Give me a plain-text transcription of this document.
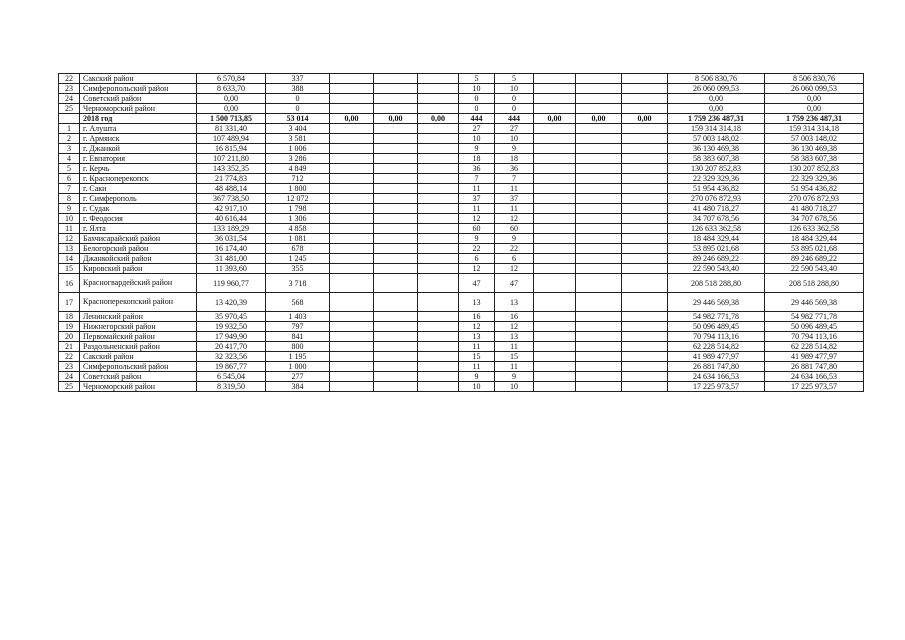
22	Сакский район	6 570,84	337				5	5				8 506 830,76	8 506 830,76
23	Симферопольский район	8 633,70	388				10	10				26 060 099,53	26 060 099,53
24	Советский район	0,00	0				0	0				0,00	0,00
25	Черноморский район	0,00	0				0	0				0,00	0,00
	2018 год	1 500 713,85	53 014	0,00	0,00	0,00	444	444	0,00	0,00	0,00	1 759 236 487,31	1 759 236 487,31
1	г. Алушта	81 331,40	3 404				27	27				159 314 314,18	159 314 314,18
2	г. Армянск	107 489,94	3 581				10	10				57 003 148,02	57 003 148,02
3	г. Джанкой	16 815,94	1 006				9	9				36 130 469,38	36 130 469,38
4	г. Евпатория	107 211,80	3 286				18	18				58 383 607,38	58 383 607,38
5	г. Керчь	143 352,35	4 849				36	36				130 207 852,83	130 207 852,83
6	г. Красноперекопск	21 774,83	712				7	7				22 329 329,36	22 329 329,36
7	г. Саки	48 488,14	1 800				11	11				51 954 436,82	51 954 436,82
8	г. Симферополь	367 738,50	12 072				37	37				270 076 872,93	270 076 872,93
9	г. Судак	42 917,10	1 798				11	11				41 480 718,27	41 480 718,27
10	г. Феодосия	40 616,44	1 306				12	12				34 707 678,56	34 707 678,56
11	г. Ялта	133 189,29	4 858				60	60				126 633 362,58	126 633 362,58
12	Бахчисарайский район	36 031,54	1 081				9	9				18 484 329,44	18 484 329,44
13	Белогорский район	16 174,40	678				22	22				53 895 021,68	53 895 021,68
14	Джанкойский район	31 481,00	1 245				6	6				89 246 689,22	89 246 689,22
15	Кировский район	11 393,60	355				12	12				22 590 543,40	22 590 543,40
16	Красногвардейский район	119 960,77	3 718				47	47				208 518 288,80	208 518 288,80
17	Красноперекопский район	13 420,39	568				13	13				29 446 569,38	29 446 569,38
18	Ленинский район	35 970,45	1 403				16	16				54 982 771,78	54 982 771,78
19	Нижнегорский район	19 932,50	797				12	12				50 096 489,45	50 096 489,45
20	Первомайский район	17 949,90	841				13	13				70 794 113,16	70 794 113,16
21	Раздольненский район	20 417,70	800				11	11				62 228 514,82	62 228 514,82
22	Сакский район	32 323,56	1 195				15	15				41 989 477,97	41 989 477,97
23	Симферопольский район	19 867,77	1 000				11	11				26 881 747,80	26 881 747,80
24	Советский район	6 545,04	277				9	9				24 634 166,53	24 634 166,53
25	Черноморский район	8 319,50	384				10	10				17 225 973,57	17 225 973,57
